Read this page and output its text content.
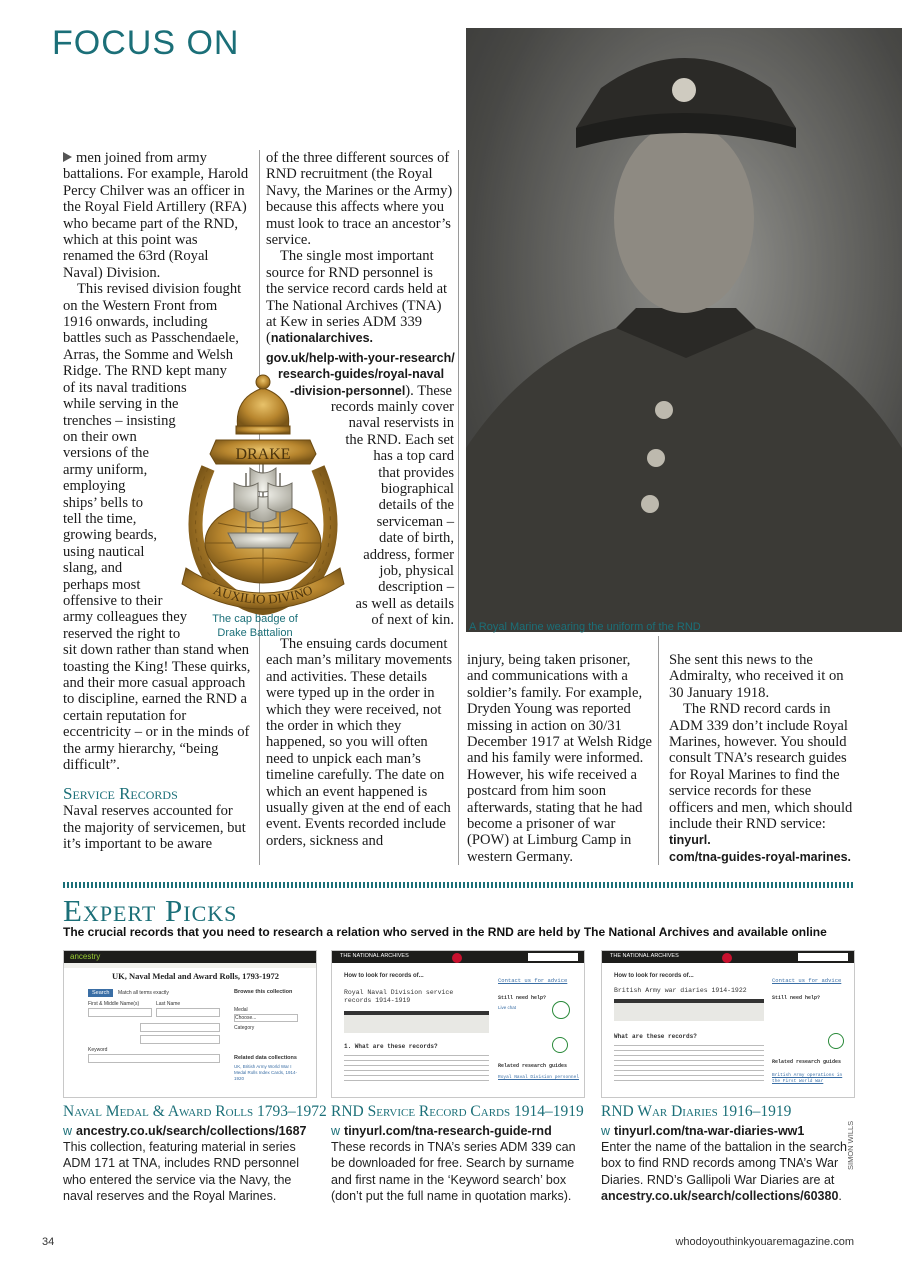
FOCUS ON

men joined from army battalions. For example, Harold Percy Chilver was an officer in the Royal Field Artillery (RFA) who became part of the RND, which at this point was renamed the 63rd (Royal Naval) Division.

This revised division fought
on the Western Front from
1916 onwards, including
battles such as Passchendaele,
Arras, the Somme and Welsh
Ridge. The RND kept many
of its naval traditions
while serving in the
trenches – insisting
on their own
versions of the
army uniform,
employing
ships’ bells to
tell the time,
growing beards,
using nautical
slang, and
perhaps most
offensive to their
army colleagues they
reserved the right to

sit down rather than stand when toasting the King! These quirks, and their more casual approach to discipline, earned the RND a certain reputation for eccentricity – or in the minds of the army hierarchy, “being difficult”.

Service Records

Naval reserves accounted for the majority of servicemen, but it’s important to be aware

of the three different sources of RND recruitment (the Royal Navy, the Marines or the Army) because this affects where you must look to trace an ancestor’s service.

The single most important source for RND personnel is the service record cards held at The National Archives (TNA) at Kew in series ADM 339 (nationalarchives.

gov.uk/help-with-your-research/
research-guides/royal-naval
-division-personnel). These
records mainly cover
naval reservists in
the RND. Each set
has a top card
that provides
biographical
details of the
serviceman –
date of birth,
address, former
job, physical
description –
as well as details
of next of kin.

The ensuing cards document each man’s military movements and activities. These details were typed up in the order in which they were received, not the order in which they happened, so you will often need to unpick each man’s timeline carefully. The date on which an event happened is usually given at the end of each event. Events recorded include orders, sickness and

DRAKE
AUXILIO DIVINO
The cap badge of
Drake Battalion	A Royal Marine wearing the uniform of the RND

injury, being taken prisoner, and communications with a soldier’s family. For example, Dryden Young was reported missing in action on 30/31 December 1917 at Welsh Ridge and his family were informed. However, his wife received a postcard from him soon afterwards, stating that he had become a prisoner of war (POW) at Limburg Camp in western Germany.

She sent this news to the Admiralty, who received it on 30 January 1918.

The RND record cards in ADM 339 don’t include Royal Marines, however. You should consult TNA’s research guides for Royal Marines to find the service records for these officers and men, which should include their RND service: tinyurl.
com/tna-guides-royal-marines.

Expert Picks
The crucial records that you need to research a relation who served in the RND are held by The National Archives and available online
ancestry
UK, Naval Medal and Award Rolls, 1793-1972
Search	Match all terms exactly
First & Middle Name(s)	Last Name
Keyword
Browse this collection
Medal
Choose...
Category
Related data collections
UK, British Army World War I Medal Rolls Index Cards, 1914-1920
THE NATIONAL ARCHIVES
How to look for records of...
Royal Naval Division service records 1914-1919
1. What are these records?
Contact us for advice
Still need help?
Live chat
Related research guides
Royal Naval Division personnel
THE NATIONAL ARCHIVES
How to look for records of...
British Army war diaries 1914-1922
What are these records?
Contact us for advice
Still need help?
Related research guides
British Army operations in the First World War
Naval Medal & Award Rolls 1793–1972
w ancestry.co.uk/search/collections/1687
This collection, featuring material in series ADM 171 at TNA, includes RND personnel who entered the service via the Navy, the naval reserves and the Royal Marines.
RND Service Record Cards 1914–1919
w tinyurl.com/tna-research-guide-rnd
These records in TNA’s series ADM 339 can be downloaded for free. Search by surname and first name in the ‘Keyword search’ box (don’t put the full name in quotation marks).
RND War Diaries 1916–1919
w tinyurl.com/tna-war-diaries-ww1
Enter the name of the battalion in the search box to find RND records among TNA’s War Diaries. RND’s Gallipoli War Diaries are at ancestry.co.uk/search/collections/60380.
SIMON WILLS
34	whodoyouthinkyouaremagazine.com
